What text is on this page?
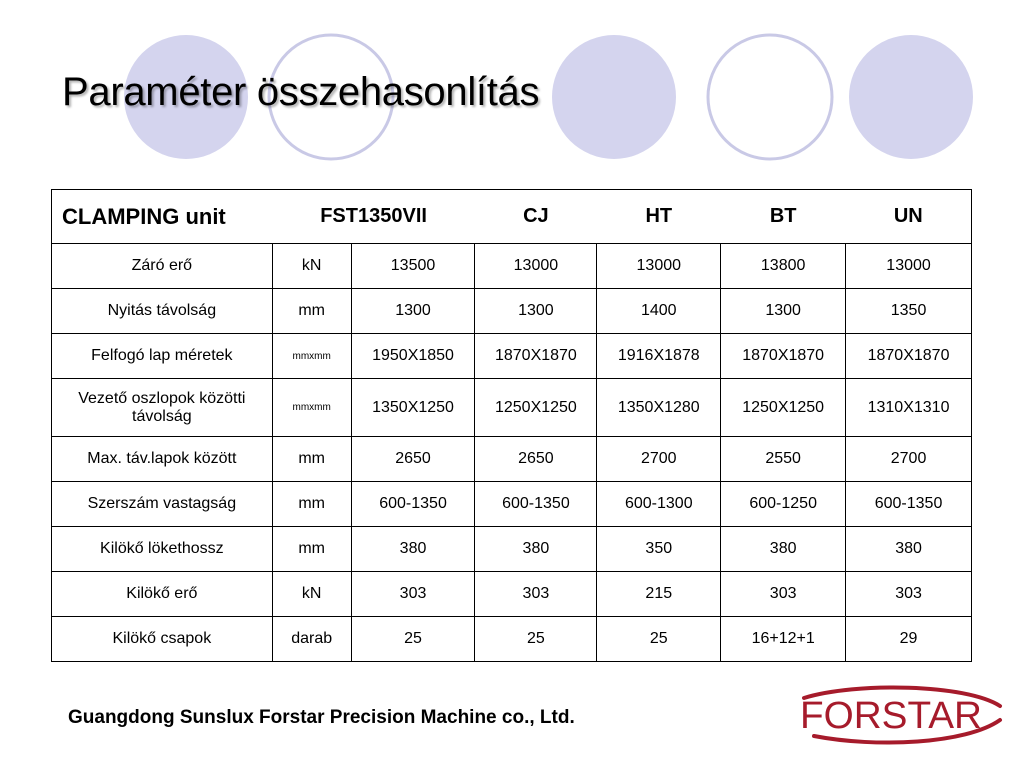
Paraméter összehasonlítás
CLAMPING unit	FST1350VII		CJ	HT	BT	UN
Záró erő	kN	13500	13000	13000	13800	13000
Nyitás távolság	mm	1300	1300	1400	1300	1350
Felfogó lap méretek	mmxmm	1950X1850	1870X1870	1916X1878	1870X1870	1870X1870
Vezető oszlopok közötti távolság	mmxmm	1350X1250	1250X1250	1350X1280	1250X1250	1310X1310
Max. táv.lapok között	mm	2650	2650	2700	2550	2700
Szerszám vastagság	mm	600-1350	600-1350	600-1300	600-1250	600-1350
Kilökő lökethossz	mm	380	380	350	380	380
Kilökő erő	kN	303	303	215	303	303
Kilökő csapok	darab	25	25	25	16+12+1	29
Guangdong Sunslux Forstar Precision Machine co., Ltd.	FORSTAR
